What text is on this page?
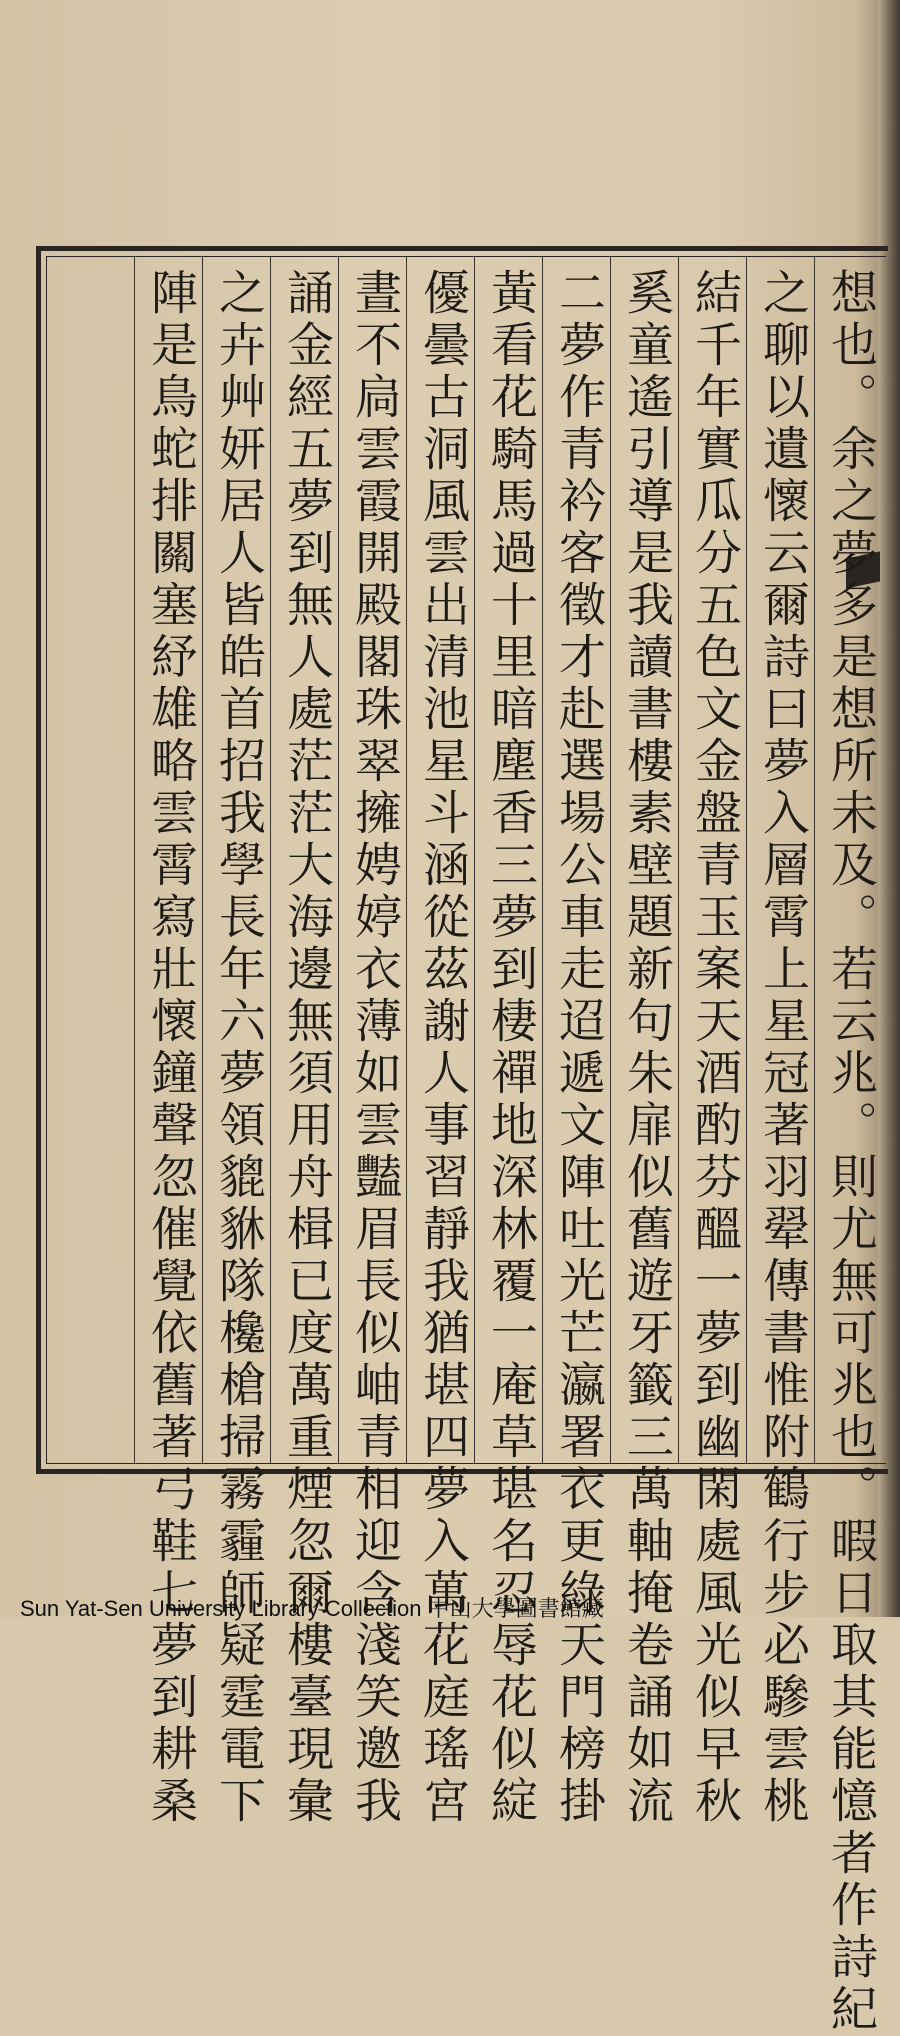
想也。余之夢多是想所未及。若云兆。則尤無可兆也。暇日取其能憶者作詩紀
之聊以遺懷云爾詩曰夢入層霄上星冠著羽翚傳書惟附鶴行步必驂雲桃
結千年實瓜分五色文金盤青玉案天酒酌芬醞一夢到幽閑處風光似早秋
奚童遙引導是我讀書樓素壁題新句朱扉似舊遊牙籤三萬軸掩卷誦如流
二夢作青衿客徵才赴選場公車走迢遞文陣吐光芒瀛署衣更綠天門榜掛
黃看花騎馬過十里暗塵香三夢到棲禪地深林覆一庵草堪名忍辱花似綻
優曇古洞風雲出清池星斗涵從茲謝人事習靜我猶堪四夢入萬花庭瑤宮
晝不扃雲霞開殿閣珠翠擁娉婷衣薄如雲豔眉長似岫青相迎含淺笑邀我
誦金經五夢到無人處茫茫大海邊無須用舟楫已度萬重煙忽爾樓臺現彙
之卉艸妍居人皆皓首招我學長年六夢領貔貅隊欃槍掃霧霾師疑霆電下
陣是鳥蛇排關塞紓雄略雲霄寫壯懷鐘聲忽催覺依舊著弓鞋七夢到耕桑
Sun Yat-Sen University Library Collection 中山大學圖書館藏
